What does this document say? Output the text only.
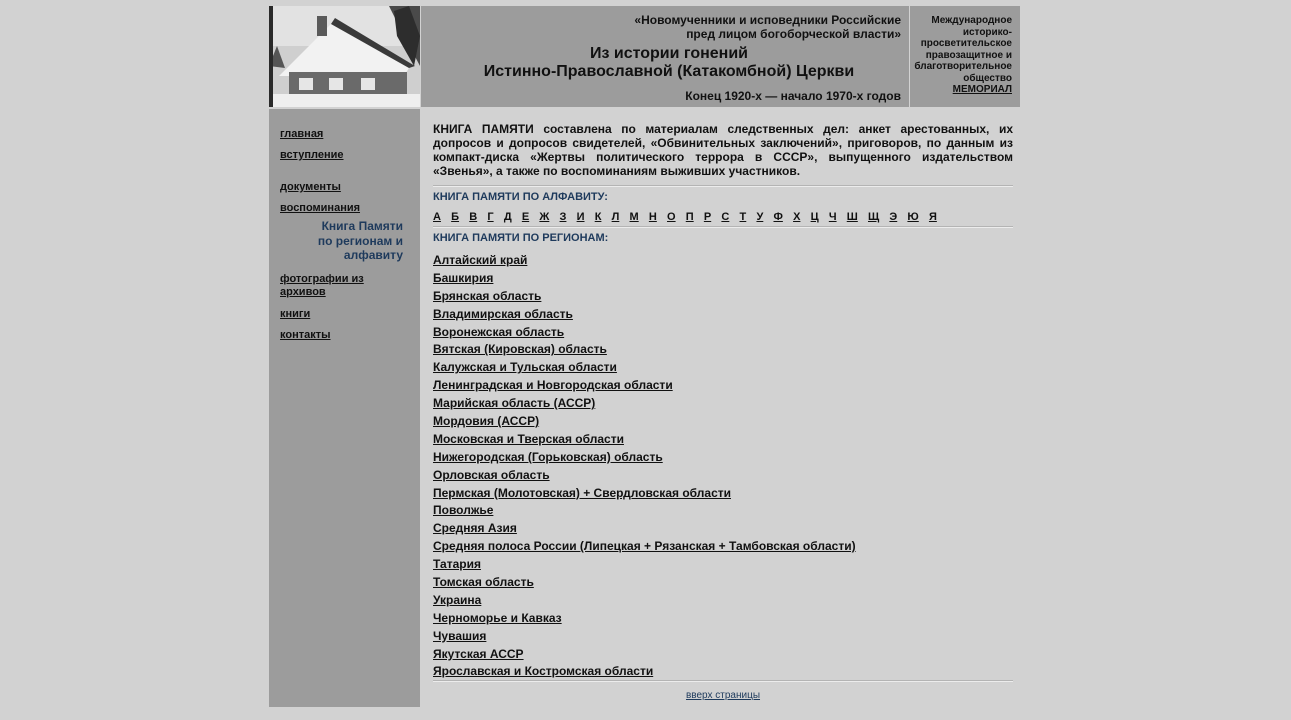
«Новомученники и исповедники Российские
пред лицом богоборческой власти»
Из истории гонений
Истинно-Православной (Катакомбной) Церкви
Конец 1920-х — начало 1970-х годов
Международное
историко-
просветительское
правозащитное и
благотворительное
общество
МЕМОРИАЛ
главная
вступление
документы
воспоминания
Книга Памяти по регионам и алфавиту
фотографии из архивов
книги
контакты

КНИГА ПАМЯТИ составлена по материалам следственных дел: анкет арестованных, их допросов и допросов свидетелей, «Обвинительных заключений», приговоров, по данным из компакт-диска «Жертвы политического террора в СССР», выпущенного издательством «Звенья», а также по воспоминаниям выживших участников.

КНИГА ПАМЯТИ ПО АЛФАВИТУ:
А Б В Г Д Е Ж З И К Л М Н О П Р С Т У Ф Х Ц Ч Ш Щ Э Ю Я
КНИГА ПАМЯТИ ПО РЕГИОНАМ:
Алтайский край
Башкирия
Брянская область
Владимирская область
Воронежская область
Вятская (Кировская) область
Калужская и Тульская области
Ленинградская и Новгородская области
Марийская область (АССР)
Мордовия (АССР)
Московская и Тверская области
Нижегородская (Горьковская) область
Орловская область
Пермская (Молотовская) + Свердловская области
Поволжье
Средняя Азия
Средняя полоса России (Липецкая + Рязанская + Тамбовская области)
Татария
Томская область
Украина
Черноморье и Кавказ
Чувашия
Якутская АССР
Ярославская и Костромская области
вверх страницы
